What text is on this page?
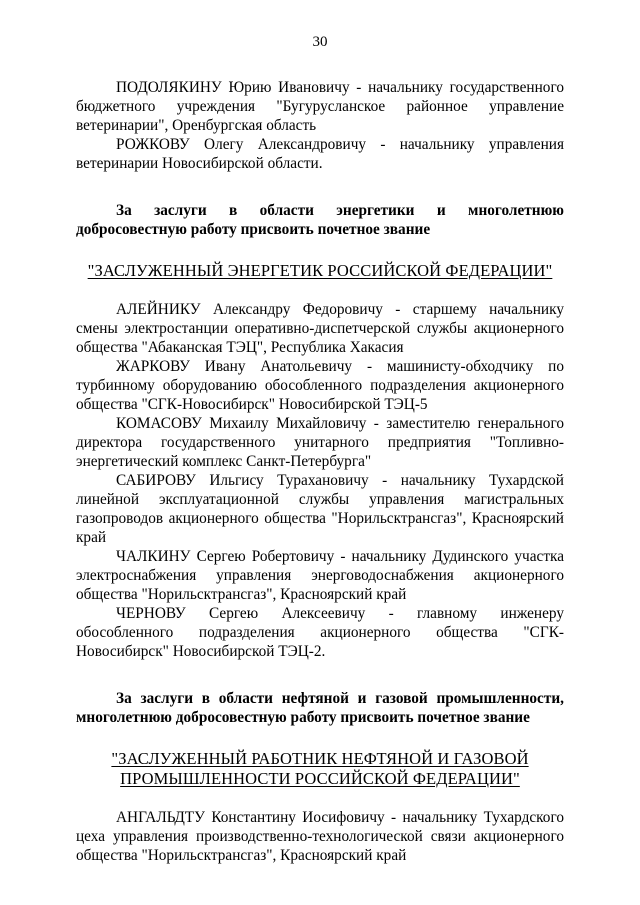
30

ПОДОЛЯКИНУ Юрию Ивановичу - начальнику государственного бюджетного учреждения "Бугурусланское районное управление ветеринарии", Оренбургская область

РОЖКОВУ Олегу Александровичу - начальнику управления ветеринарии Новосибирской области.

За заслуги в области энергетики и многолетнюю добросовестную работу присвоить почетное звание

"ЗАСЛУЖЕННЫЙ ЭНЕРГЕТИК РОССИЙСКОЙ ФЕДЕРАЦИИ"

АЛЕЙНИКУ Александру Федоровичу - старшему начальнику смены электростанции оперативно-диспетчерской службы акционерного общества "Абаканская ТЭЦ", Республика Хакасия

ЖАРКОВУ Ивану Анатольевичу - машинисту-обходчику по турбинному оборудованию обособленного подразделения акционерного общества "СГК-Новосибирск" Новосибирской ТЭЦ-5

КОМАСОВУ Михаилу Михайловичу - заместителю генерального директора государственного унитарного предприятия "Топливно-энергетический комплекс Санкт-Петербурга"

САБИРОВУ Ильгису Турахановичу - начальнику Тухардской линейной эксплуатационной службы управления магистральных газопроводов акционерного общества "Норильсктрансгаз", Красноярский край

ЧАЛКИНУ Сергею Робертовичу - начальнику Дудинского участка электроснабжения управления энерговодоснабжения акционерного общества "Норильсктрансгаз", Красноярский край

ЧЕРНОВУ Сергею Алексеевичу - главному инженеру обособленного подразделения акционерного общества "СГК-Новосибирск" Новосибирской ТЭЦ-2.

За заслуги в области нефтяной и газовой промышленности, многолетнюю добросовестную работу присвоить почетное звание

"ЗАСЛУЖЕННЫЙ РАБОТНИК НЕФТЯНОЙ И ГАЗОВОЙ
ПРОМЫШЛЕННОСТИ РОССИЙСКОЙ ФЕДЕРАЦИИ"

АНГАЛЬДТУ Константину Иосифовичу - начальнику Тухардского цеха управления производственно-технологической связи акционерного общества "Норильсктрансгаз", Красноярский край
